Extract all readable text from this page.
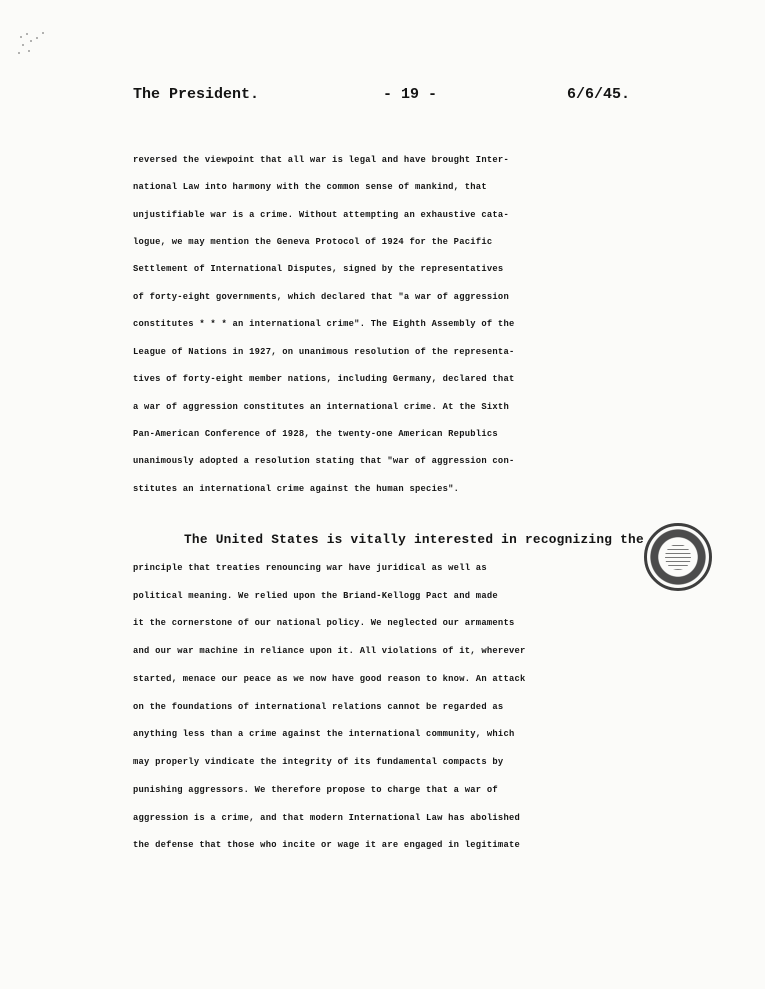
The President.	- 19 -	6/6/45.
reversed the viewpoint that all war is legal and have brought Inter-
national Law into harmony with the common sense of mankind, that
unjustifiable war is a crime. Without attempting an exhaustive cata-
logue, we may mention the Geneva Protocol of 1924 for the Pacific
Settlement of International Disputes, signed by the representatives
of forty-eight governments, which declared that "a war of aggression
constitutes * * * an international crime". The Eighth Assembly of the
League of Nations in 1927, on unanimous resolution of the representa-
tives of forty-eight member nations, including Germany, declared that
a war of aggression constitutes an international crime. At the Sixth
Pan-American Conference of 1928, the twenty-one American Republics
unanimously adopted a resolution stating that "war of aggression con-
stitutes an international crime against the human species".
The United States is vitally interested in recognizing the
principle that treaties renouncing war have juridical as well as
political meaning. We relied upon the Briand-Kellogg Pact and made
it the cornerstone of our national policy. We neglected our armaments
and our war machine in reliance upon it. All violations of it, wherever
started, menace our peace as we now have good reason to know. An attack
on the foundations of international relations cannot be regarded as
anything less than a crime against the international community, which
may properly vindicate the integrity of its fundamental compacts by
punishing aggressors. We therefore propose to charge that a war of
aggression is a crime, and that modern International Law has abolished
the defense that those who incite or wage it are engaged in legitimate
